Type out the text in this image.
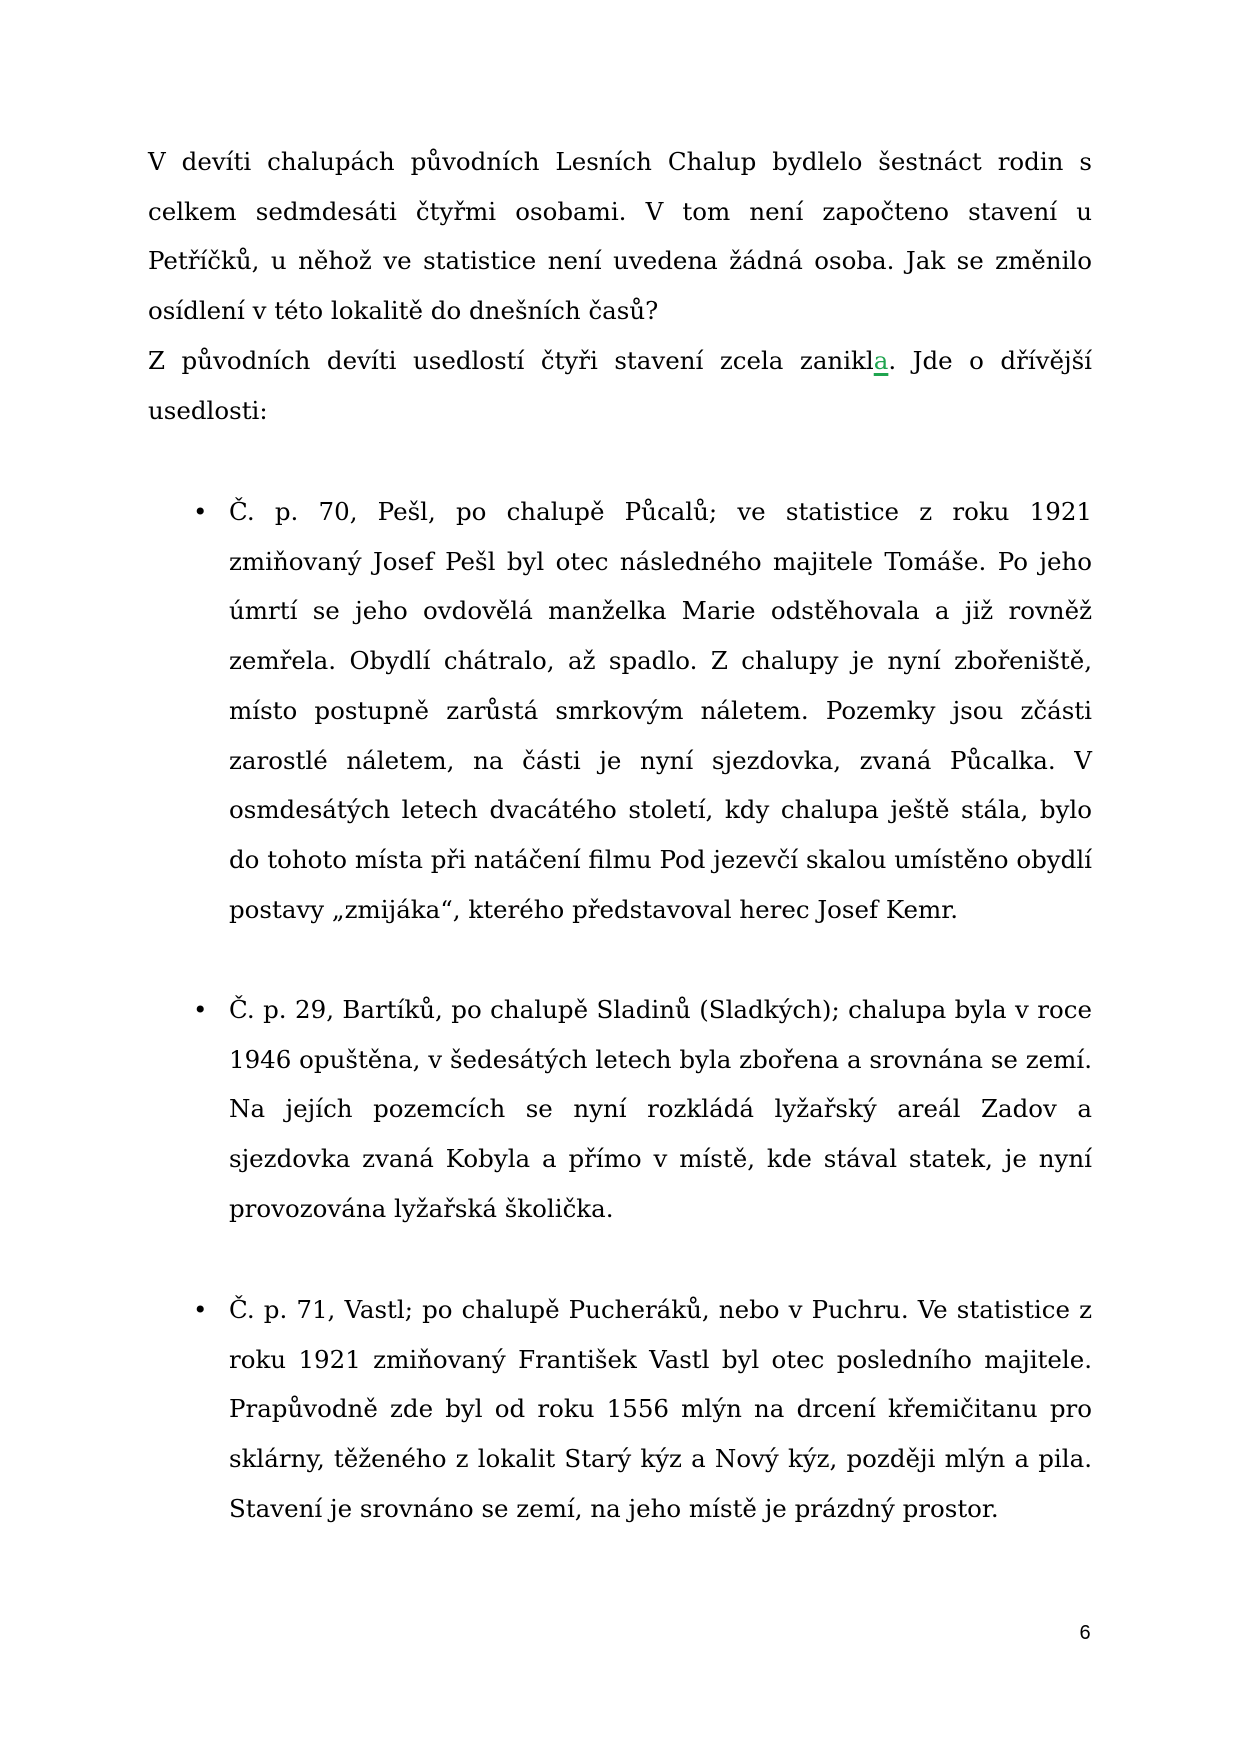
V devíti chalupách původních Lesních Chalup bydlelo šestnáct rodin s celkem sedmdesáti čtyřmi osobami. V tom není započteno stavení u Petříčků, u něhož ve statistice není uvedena žádná osoba. Jak se změnilo osídlení v této lokalitě do dnešních časů?

Z původních devíti usedlostí čtyři stavení zcela zanikla. Jde o dřívější usedlosti:

• Č. p. 70, Pešl, po chalupě Půcalů; ve statistice z roku 1921 zmiňovaný Josef Pešl byl otec následného majitele Tomáše. Po jeho úmrtí se jeho ovdovělá manželka Marie odstěhovala a již rovněž zemřela. Obydlí chátralo, až spadlo. Z chalupy je nyní zbořeniště, místo postupně zarůstá smrkovým náletem. Pozemky jsou zčásti zarostlé náletem, na části je nyní sjezdovka, zvaná Půcalka. V osmdesátých letech dvacátého století, kdy chalupa ještě stála, bylo do tohoto místa při natáčení filmu Pod jezevčí skalou umístěno obydlí postavy „zmijáka“, kterého představoval herec Josef Kemr.
• Č. p. 29, Bartíků, po chalupě Sladinů (Sladkých); chalupa byla v roce 1946 opuštěna, v šedesátých letech byla zbořena a srovnána se zemí. Na jejích pozemcích se nyní rozkládá lyžařský areál Zadov a sjezdovka zvaná Kobyla a přímo v místě, kde stával statek, je nyní provozována lyžařská školička.
• Č. p. 71, Vastl; po chalupě Pucheráků, nebo v Puchru. Ve statistice z roku 1921 zmiňovaný František Vastl byl otec posledního majitele. Prapůvodně zde byl od roku 1556 mlýn na drcení křemičitanu pro sklárny, těženého z lokalit Starý kýz a Nový kýz, později mlýn a pila. Stavení je srovnáno se zemí, na jeho místě je prázdný prostor.
6
